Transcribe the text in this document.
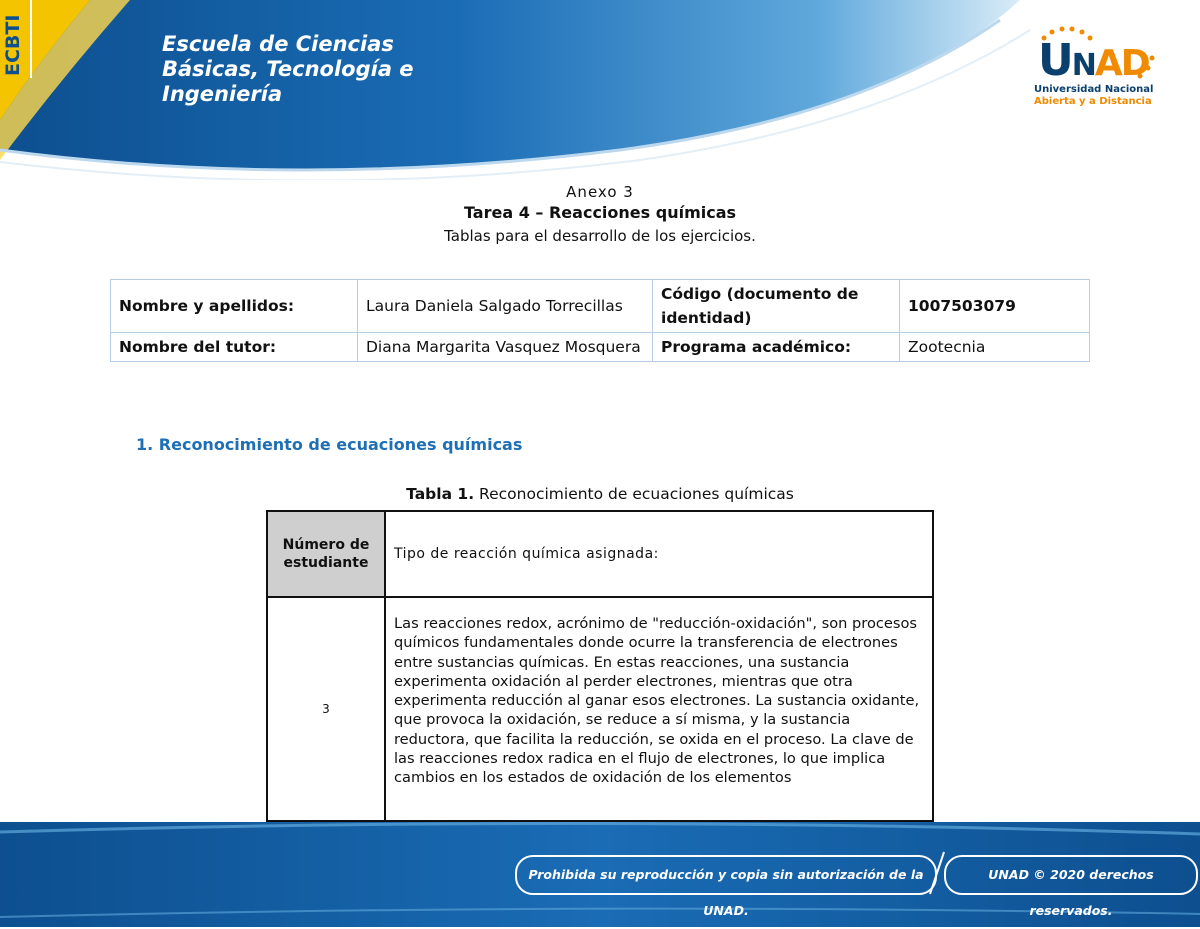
ECBTI	Escuela de Ciencias
Básicas, Tecnología e
Ingeniería
UNAD
Universidad Nacional
Abierta y a Distancia
Anexo 3
Tarea 4 – Reacciones químicas
Tablas para el desarrollo de los ejercicios.
Nombre y apellidos:	Laura Daniela Salgado Torrecillas	Código (documento de identidad)	1007503079
Nombre del tutor:	Diana Margarita Vasquez Mosquera	Programa académico:	Zootecnia
1. Reconocimiento de ecuaciones químicas
Tabla 1. Reconocimiento de ecuaciones químicas
Número de estudiante	Tipo de reacción química asignada:
3	Las reacciones redox, acrónimo de "reducción-oxidación", son procesos químicos fundamentales donde ocurre la transferencia de electrones entre sustancias químicas. En estas reacciones, una sustancia experimenta oxidación al perder electrones, mientras que otra experimenta reducción al ganar esos electrones. La sustancia oxidante, que provoca la oxidación, se reduce a sí misma, y la sustancia reductora, que facilita la reducción, se oxida en el proceso. La clave de las reacciones redox radica en el flujo de electrones, lo que implica cambios en los estados de oxidación de los elementos
Prohibida su reproducción y copia sin autorización de la UNAD.
UNAD © 2020 derechos reservados.
